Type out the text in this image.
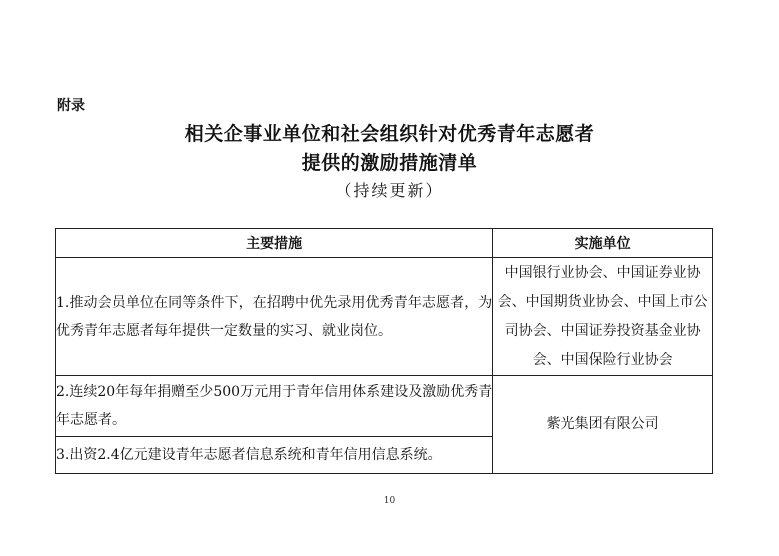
附录
相关企事业单位和社会组织针对优秀青年志愿者
提供的激励措施清单
（持续更新）
主要措施	实施单位
1.推动会员单位在同等条件下，在招聘中优先录用优秀青年志愿者，为优秀青年志愿者每年提供一定数量的实习、就业岗位。	中国银行业协会、中国证券业协会、中国期货业协会、中国上市公司协会、中国证券投资基金业协会、中国保险行业协会
2.连续20年每年捐赠至少500万元用于青年信用体系建设及激励优秀青年志愿者。	紫光集团有限公司
3.出资2.4亿元建设青年志愿者信息系统和青年信用信息系统。	
10
